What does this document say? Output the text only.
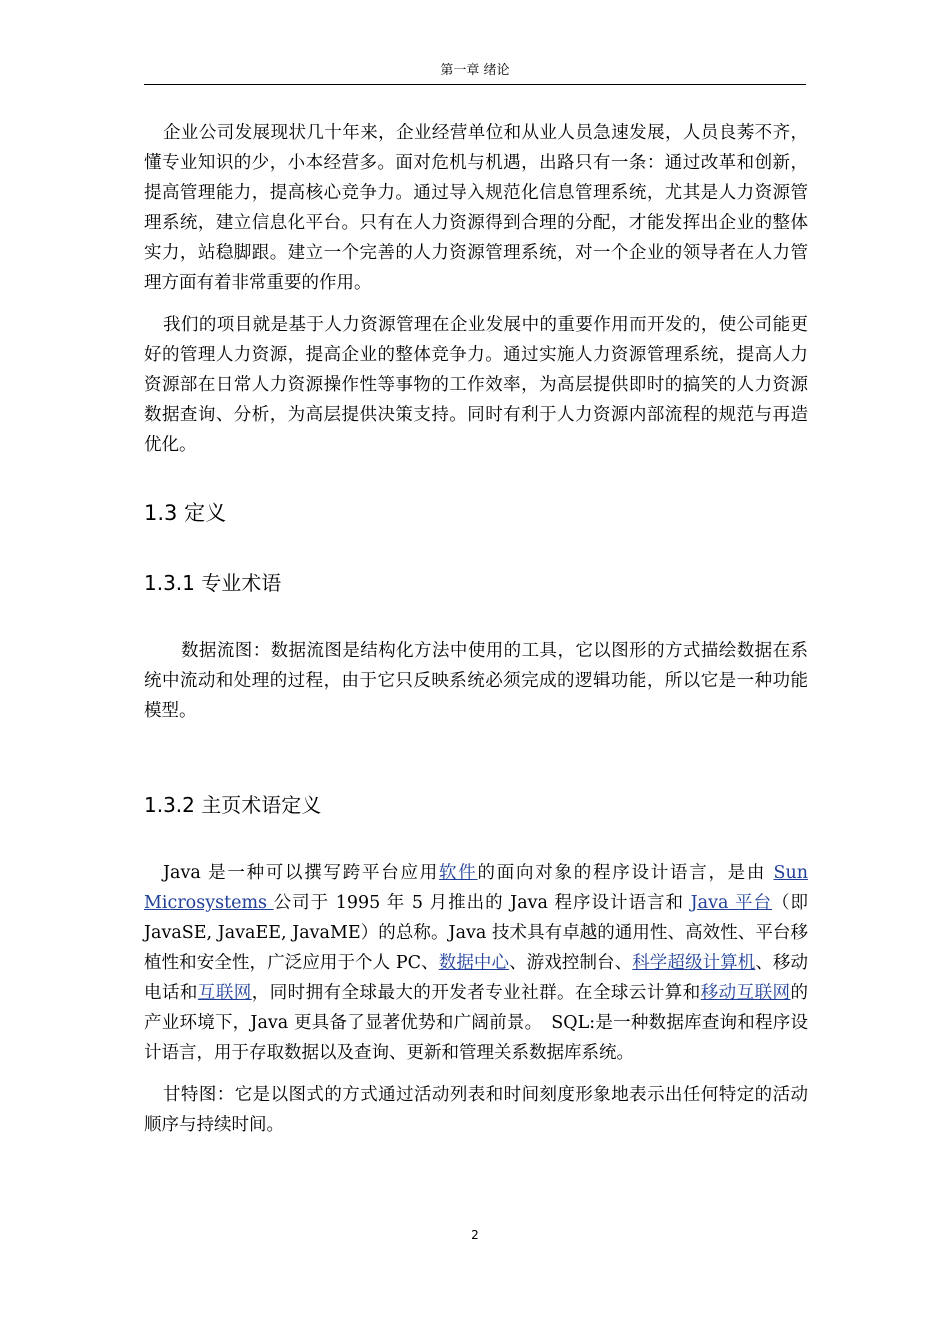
第一章 绪论

企业公司发展现状几十年来，企业经营单位和从业人员急速发展，人员良莠不齐，懂专业知识的少，小本经营多。面对危机与机遇，出路只有一条：通过改革和创新，提高管理能力，提高核心竞争力。通过导入规范化信息管理系统，尤其是人力资源管理系统，建立信息化平台。只有在人力资源得到合理的分配，才能发挥出企业的整体实力，站稳脚跟。建立一个完善的人力资源管理系统，对一个企业的领导者在人力管理方面有着非常重要的作用。

我们的项目就是基于人力资源管理在企业发展中的重要作用而开发的，使公司能更好的管理人力资源，提高企业的整体竞争力。通过实施人力资源管理系统，提高人力资源部在日常人力资源操作性等事物的工作效率，为高层提供即时的搞笑的人力资源数据查询、分析，为高层提供决策支持。同时有利于人力资源内部流程的规范与再造优化。

1.3 定义
1.3.1 专业术语

数据流图：数据流图是结构化方法中使用的工具，它以图形的方式描绘数据在系统中流动和处理的过程，由于它只反映系统必须完成的逻辑功能，所以它是一种功能模型。

1.3.2 主页术语定义

Java 是一种可以撰写跨平台应用软件的面向对象的程序设计语言，是由 Sun Microsystems 公司于 1995 年 5 月推出的 Java 程序设计语言和 Java 平台（即 JavaSE, JavaEE, JavaME）的总称。Java 技术具有卓越的通用性、高效性、平台移植性和安全性，广泛应用于个人 PC、数据中心、游戏控制台、科学超级计算机、移动电话和互联网，同时拥有全球最大的开发者专业社群。在全球云计算和移动互联网的产业环境下，Java 更具备了显著优势和广阔前景。　SQL:是一种数据库查询和程序设计语言，用于存取数据以及查询、更新和管理关系数据库系统。

甘特图：它是以图式的方式通过活动列表和时间刻度形象地表示出任何特定的活动顺序与持续时间。

2
